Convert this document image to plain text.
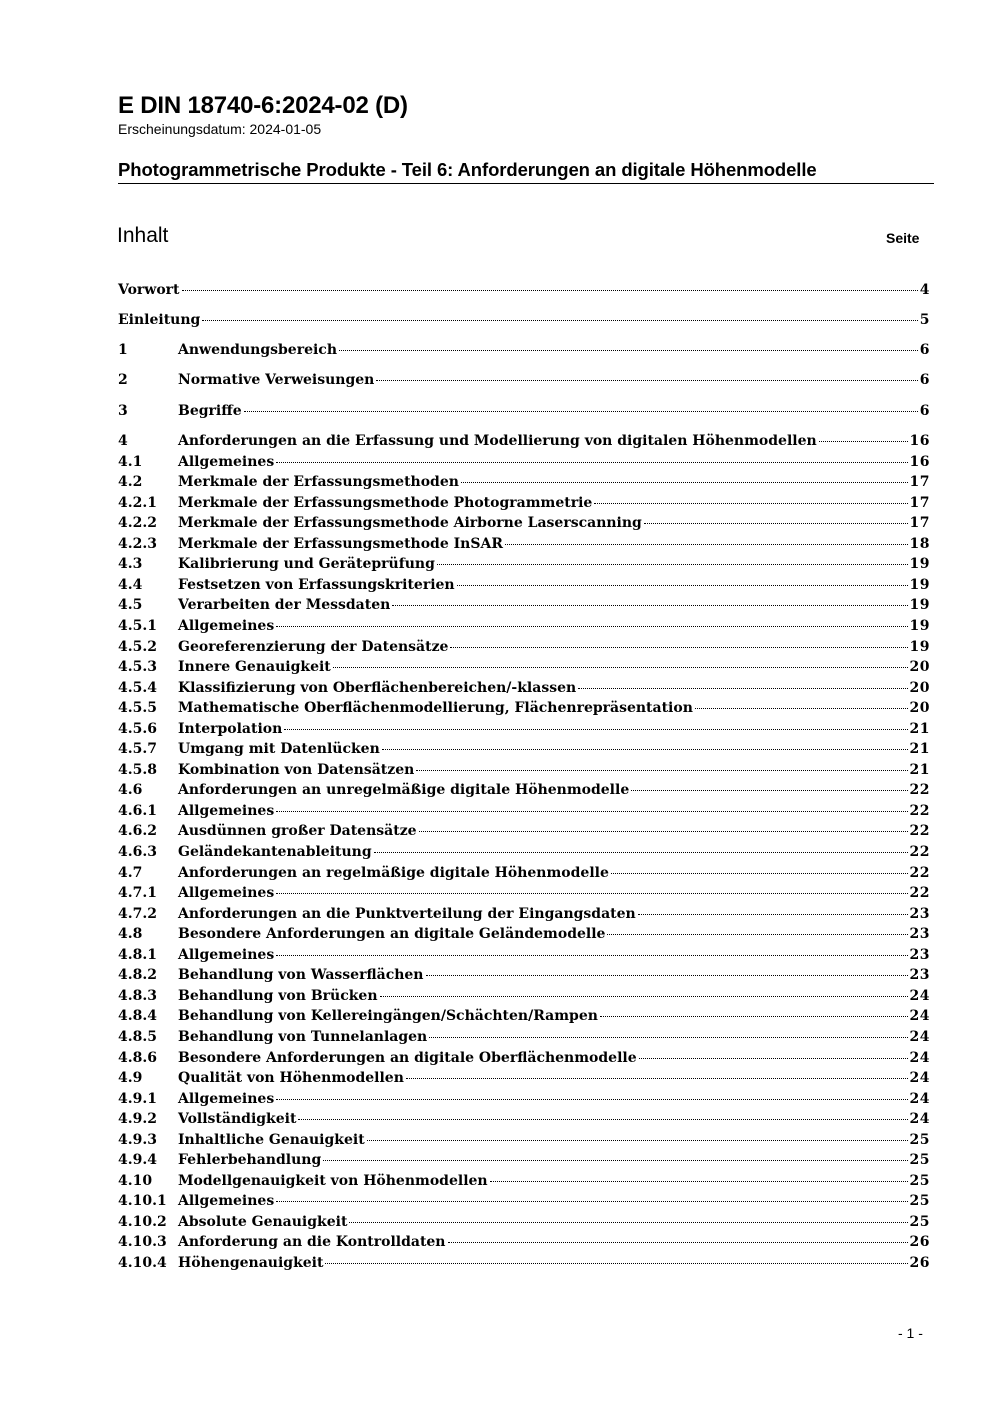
E DIN 18740-6:2024-02 (D)
Erscheinungsdatum: 2024-01-05
Photogrammetrische Produkte - Teil 6: Anforderungen an digitale Höhenmodelle
Inhalt	Seite
Vorwort	4
Einleitung	5
1	Anwendungsbereich	6
2	Normative Verweisungen	6
3	Begriffe	6
4	Anforderungen an die Erfassung und Modellierung von digitalen Höhenmodellen	16
4.1	Allgemeines	16
4.2	Merkmale der Erfassungsmethoden	17
4.2.1	Merkmale der Erfassungsmethode Photogrammetrie	17
4.2.2	Merkmale der Erfassungsmethode Airborne Laserscanning	17
4.2.3	Merkmale der Erfassungsmethode InSAR	18
4.3	Kalibrierung und Geräteprüfung	19
4.4	Festsetzen von Erfassungskriterien	19
4.5	Verarbeiten der Messdaten	19
4.5.1	Allgemeines	19
4.5.2	Georeferenzierung der Datensätze	19
4.5.3	Innere Genauigkeit	20
4.5.4	Klassifizierung von Oberflächenbereichen/-klassen	20
4.5.5	Mathematische Oberflächenmodellierung, Flächenrepräsentation	20
4.5.6	Interpolation	21
4.5.7	Umgang mit Datenlücken	21
4.5.8	Kombination von Datensätzen	21
4.6	Anforderungen an unregelmäßige digitale Höhenmodelle	22
4.6.1	Allgemeines	22
4.6.2	Ausdünnen großer Datensätze	22
4.6.3	Geländekantenableitung	22
4.7	Anforderungen an regelmäßige digitale Höhenmodelle	22
4.7.1	Allgemeines	22
4.7.2	Anforderungen an die Punktverteilung der Eingangsdaten	23
4.8	Besondere Anforderungen an digitale Geländemodelle	23
4.8.1	Allgemeines	23
4.8.2	Behandlung von Wasserflächen	23
4.8.3	Behandlung von Brücken	24
4.8.4	Behandlung von Kellereingängen/Schächten/Rampen	24
4.8.5	Behandlung von Tunnelanlagen	24
4.8.6	Besondere Anforderungen an digitale Oberflächenmodelle	24
4.9	Qualität von Höhenmodellen	24
4.9.1	Allgemeines	24
4.9.2	Vollständigkeit	24
4.9.3	Inhaltliche Genauigkeit	25
4.9.4	Fehlerbehandlung	25
4.10	Modellgenauigkeit von Höhenmodellen	25
4.10.1 Allgemeines	25
4.10.2 Absolute Genauigkeit	25
4.10.3 Anforderung an die Kontrolldaten	26
4.10.4 Höhengenauigkeit	26
- 1 -
